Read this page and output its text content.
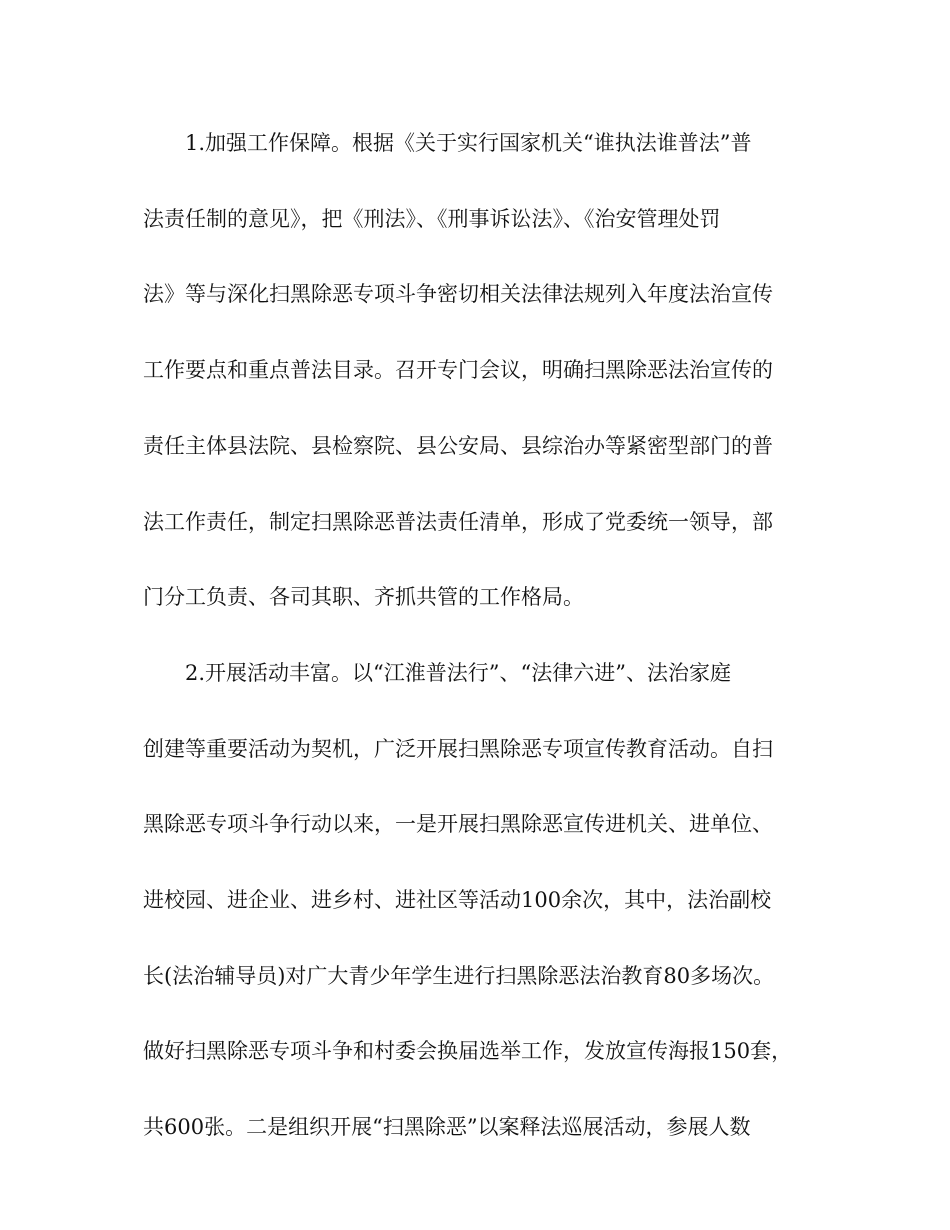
1.加强工作保障。根据《关于实行国家机关“谁执法谁普法”普
法责任制的意见》，把《刑法》、《刑事诉讼法》、《治安管理处罚
法》等与深化扫黑除恶专项斗争密切相关法律法规列入年度法治宣传
工作要点和重点普法目录。召开专门会议，明确扫黑除恶法治宣传的
责任主体县法院、县检察院、县公安局、县综治办等紧密型部门的普
法工作责任，制定扫黑除恶普法责任清单，形成了党委统一领导，部
门分工负责、各司其职、齐抓共管的工作格局。
2.开展活动丰富。以“江淮普法行”、“法律六进”、法治家庭
创建等重要活动为契机，广泛开展扫黑除恶专项宣传教育活动。自扫
黑除恶专项斗争行动以来，一是开展扫黑除恶宣传进机关、进单位、
进校园、进企业、进乡村、进社区等活动100余次，其中，法治副校
长(法治辅导员)对广大青少年学生进行扫黑除恶法治教育80多场次。
做好扫黑除恶专项斗争和村委会换届选举工作，发放宣传海报150套，
共600张。二是组织开展“扫黑除恶”以案释法巡展活动，参展人数
